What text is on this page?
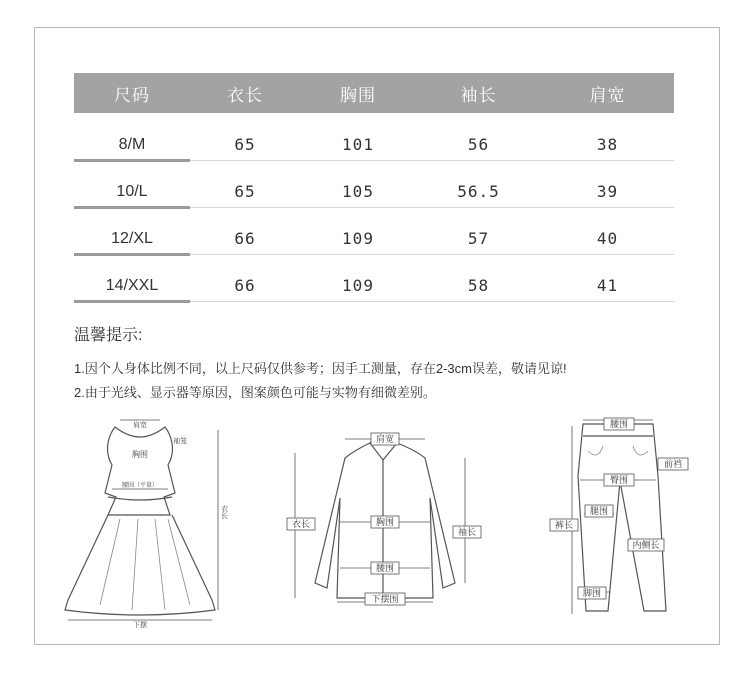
尺码	衣长	胸围	袖长	肩宽
8/M	65	101	56	38
10/L	65	105	56.5	39
12/XL	66	109	57	40
14/XXL	66	109	58	41
温馨提示:
1.因个人身体比例不同，以上尺码仅供参考；因手工测量，存在2-3cm误差，敬请见谅!
2.由于光线、显示器等原因，图案颜色可能与实物有细微差别。
肩宽
袖笼
胸围
腰围（平量）
衣长
下摆
肩宽
衣长	胸围
袖长
腰围
下摆围
腰围
前裆
臀围
腿围
裤长
内侧长
脚围
